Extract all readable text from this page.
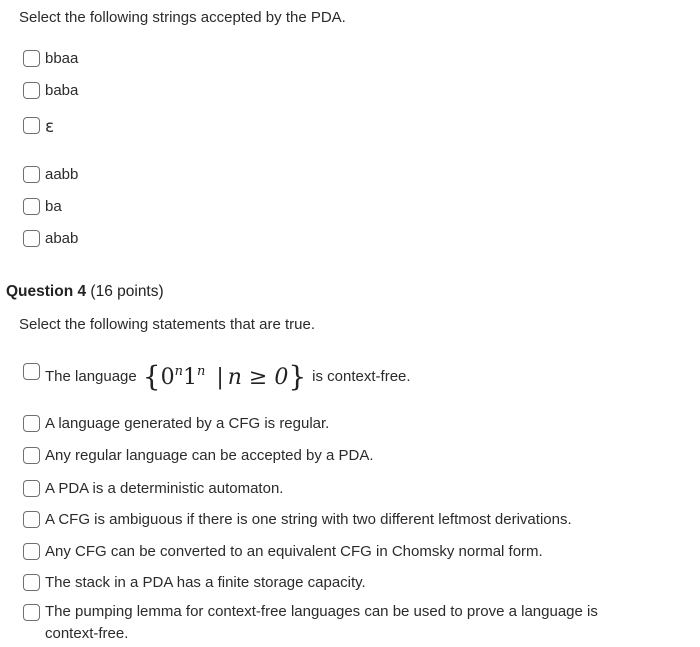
Select the following strings accepted by the PDA.
bbaa
baba
ε
aabb
ba
abab
Question 4 (16 points)
Select the following statements that are true.
The language {0$^n$1$^n$ | n ≥ 0} is context-free.
A language generated by a CFG is regular.
Any regular language can be accepted by a PDA.
A PDA is a deterministic automaton.
A CFG is ambiguous if there is one string with two different leftmost derivations.
Any CFG can be converted to an equivalent CFG in Chomsky normal form.
The stack in a PDA has a finite storage capacity.
The pumping lemma for context-free languages can be used to prove a language is context-free.
